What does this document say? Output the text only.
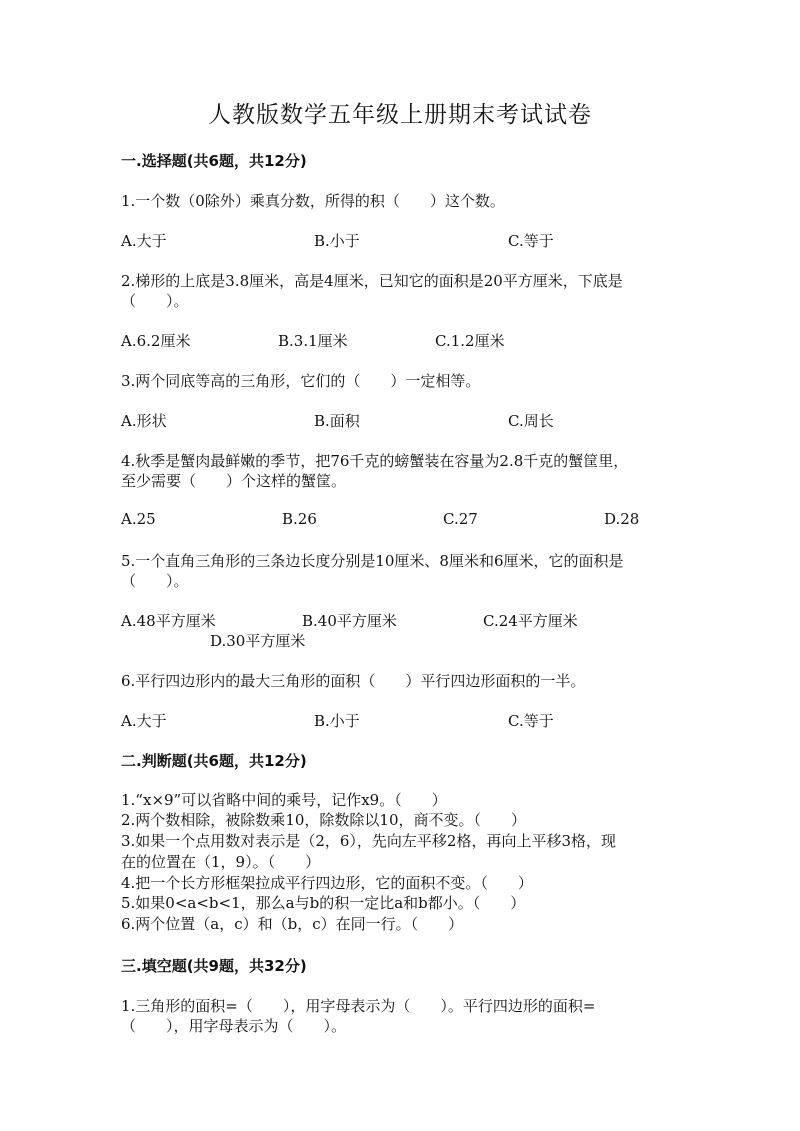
人教版数学五年级上册期末考试试卷
一.选择题(共6题，共12分)
1.一个数（0除外）乘真分数，所得的积（　　）这个数。
A.大于	B.小于	C.等于
2.梯形的上底是3.8厘米，高是4厘米，已知它的面积是20平方厘米，下底是
（　　）。
A.6.2厘米	B.3.1厘米	C.1.2厘米
3.两个同底等高的三角形，它们的（　　）一定相等。
A.形状	B.面积	C.周长
4.秋季是蟹肉最鲜嫩的季节，把76千克的螃蟹装在容量为2.8千克的蟹筐里，
至少需要（　　）个这样的蟹筐。
A.25	B.26	C.27	D.28
5.一个直角三角形的三条边长度分别是10厘米、8厘米和6厘米，它的面积是
（　　）。
A.48平方厘米	B.40平方厘米	C.24平方厘米
D.30平方厘米
6.平行四边形内的最大三角形的面积（　　）平行四边形面积的一半。
A.大于	B.小于	C.等于
二.判断题(共6题，共12分)
1.“x×9”可以省略中间的乘号，记作x9。（　　）
2.两个数相除，被除数乘10，除数除以10，商不变。（　　）
3.如果一个点用数对表示是（2，6），先向左平移2格，再向上平移3格，现
在的位置在（1，9）。（　　）
4.把一个长方形框架拉成平行四边形，它的面积不变。（　　）
5.如果0<a<b<1，那么a与b的积一定比a和b都小。（　　）
6.两个位置（a，c）和（b，c）在同一行。（　　）
三.填空题(共9题，共32分)
1.三角形的面积=（　　），用字母表示为（　　）。平行四边形的面积=
（　　），用字母表示为（　　）。
